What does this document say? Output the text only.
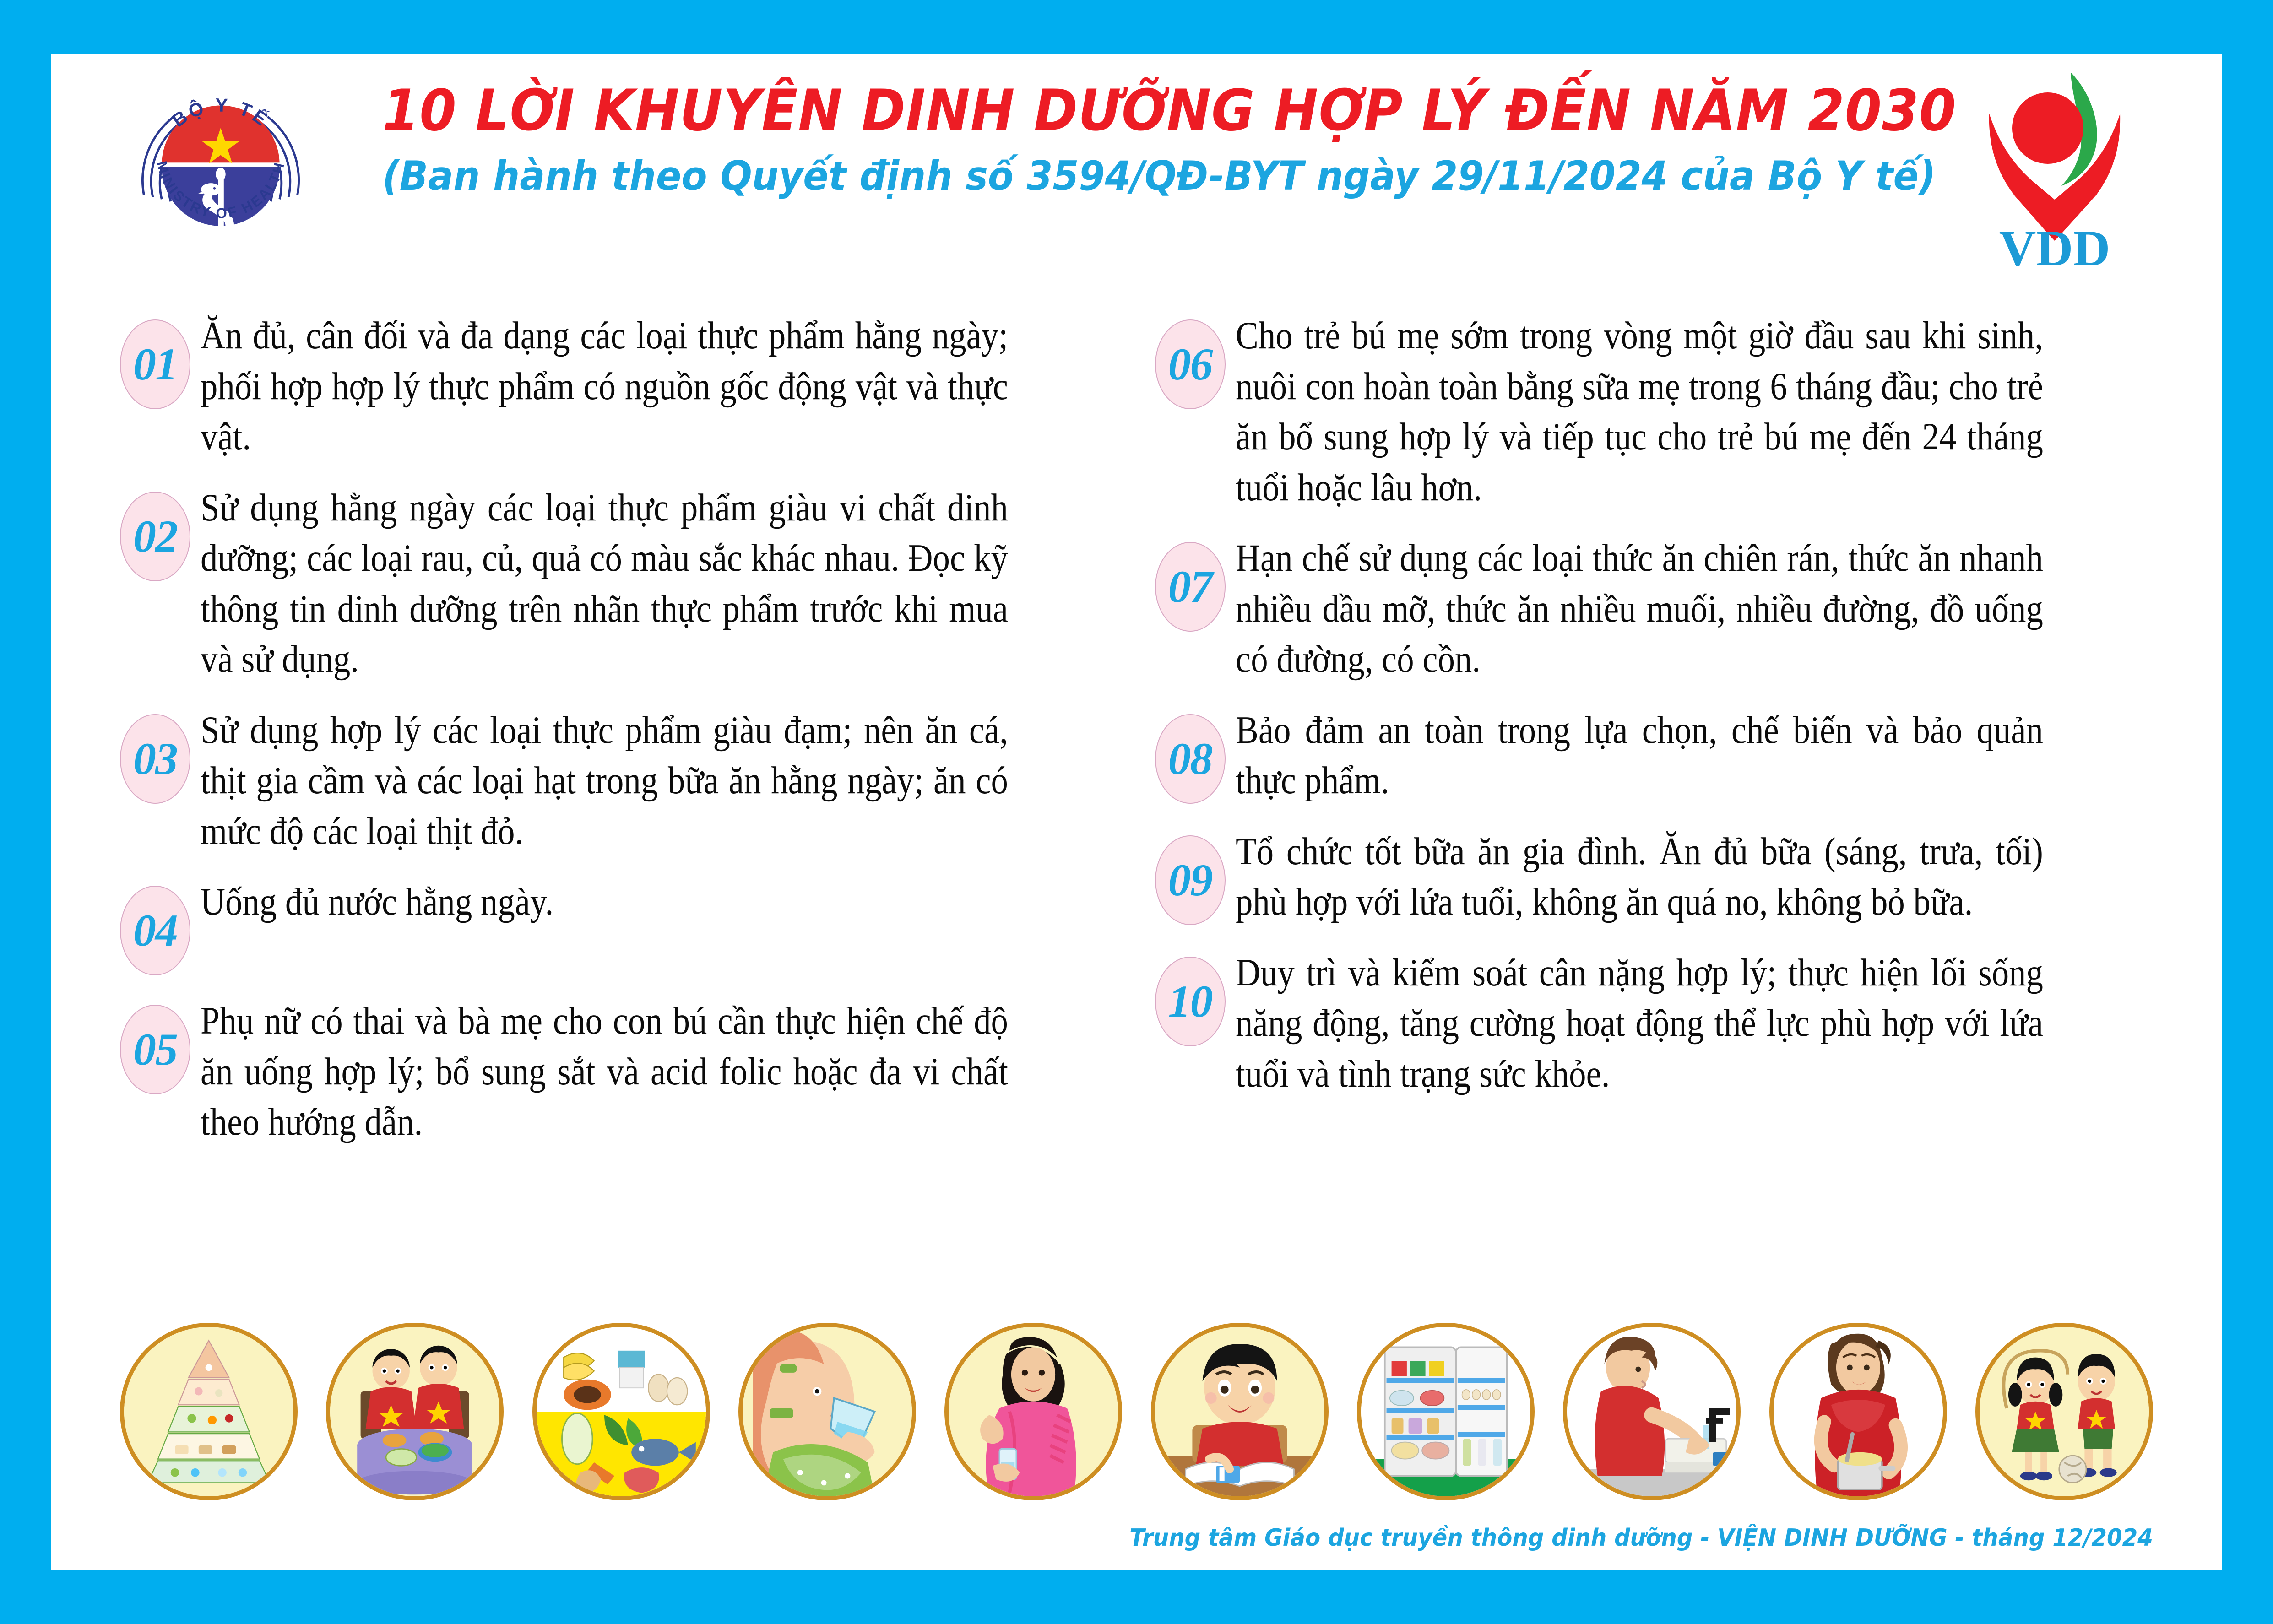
BỘ Y TẾ
MINISTRY OF HEALTH
10 LỜI KHUYÊN DINH DƯỠNG HỢP LÝ ĐẾN NĂM 2030
(Ban hành theo Quyết định số 3594/QĐ-BYT ngày 29/11/2024 của Bộ Y tế)
VDD
01
Ăn đủ, cân đối và đa dạng các loại thực phẩm hằng ngày; phối hợp hợp lý thực phẩm có nguồn gốc động vật và thực vật.
02
Sử dụng hằng ngày các loại thực phẩm giàu vi chất dinh dưỡng; các loại rau, củ, quả có màu sắc khác nhau. Đọc kỹ thông tin dinh dưỡng trên nhãn thực phẩm trước khi mua và sử dụng.
03
Sử dụng hợp lý các loại thực phẩm giàu đạm; nên ăn cá, thịt gia cầm và các loại hạt trong bữa ăn hằng ngày; ăn có mức độ các loại thịt đỏ.
04
Uống đủ nước hằng ngày.
05
Phụ nữ có thai và bà mẹ cho con bú cần thực hiện chế độ ăn uống hợp lý; bổ sung sắt và acid folic hoặc đa vi chất theo hướng dẫn.
06
Cho trẻ bú mẹ sớm trong vòng một giờ đầu sau khi sinh, nuôi con hoàn toàn bằng sữa mẹ trong 6 tháng đầu; cho trẻ ăn bổ sung hợp lý và tiếp tục cho trẻ bú mẹ đến 24 tháng tuổi hoặc lâu hơn.
07
Hạn chế sử dụng các loại thức ăn chiên rán, thức ăn nhanh nhiều dầu mỡ, thức ăn nhiều muối, nhiều đường, đồ uống có đường, có cồn.
08
Bảo đảm an toàn trong lựa chọn, chế biến và bảo quản thực phẩm.
09
Tổ chức tốt bữa ăn gia đình. Ăn đủ bữa (sáng, trưa, tối) phù hợp với lứa tuổi, không ăn quá no, không bỏ bữa.
10
Duy trì và kiểm soát cân nặng hợp lý; thực hiện lối sống năng động, tăng cường hoạt động thể lực phù hợp với lứa tuổi và tình trạng sức khỏe.
Trung tâm Giáo dục truyền thông dinh dưỡng - VIỆN DINH DƯỠNG - tháng 12/2024
